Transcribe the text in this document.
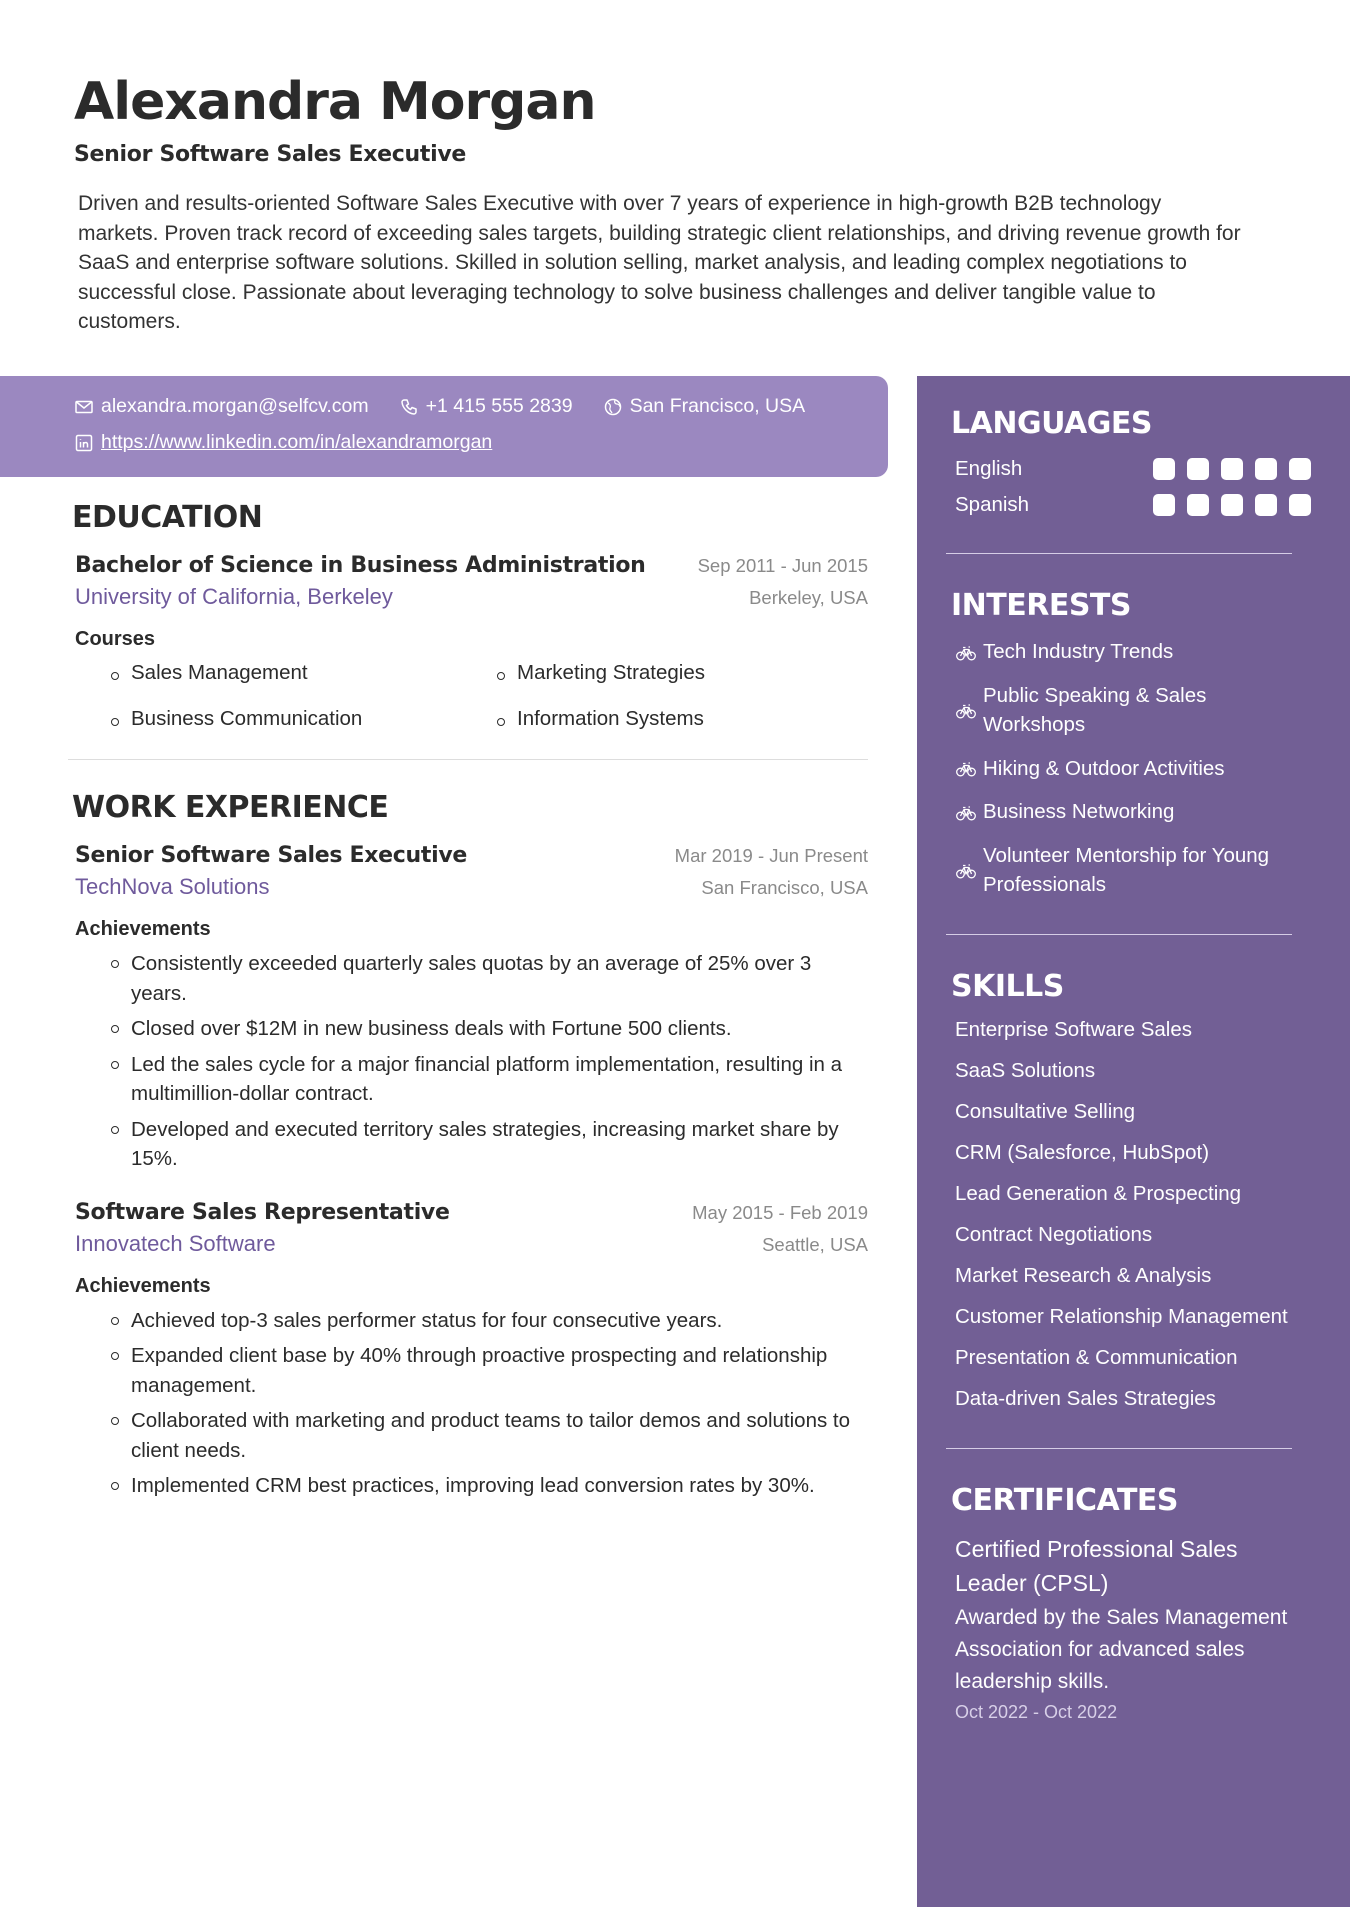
Alexandra Morgan
Senior Software Sales Executive
Driven and results-oriented Software Sales Executive with over 7 years of experience in high-growth B2B technology markets. Proven track record of exceeding sales targets, building strategic client relationships, and driving revenue growth for SaaS and enterprise software solutions. Skilled in solution selling, market analysis, and leading complex negotiations to successful close. Passionate about leveraging technology to solve business challenges and deliver tangible value to customers.
alexandra.morgan@selfcv.com	+1 415 555 2839	San Francisco, USA
https://www.linkedin.com/in/alexandramorgan
EDUCATION
Bachelor of Science in Business Administration	Sep 2011 - Jun 2015
University of California, Berkeley	Berkeley, USA
Courses
Sales Management	Marketing Strategies
Business Communication	Information Systems
WORK EXPERIENCE
Senior Software Sales Executive	Mar 2019 - Jun Present
TechNova Solutions	San Francisco, USA
Achievements
Consistently exceeded quarterly sales quotas by an average of 25% over 3 years.
Closed over $12M in new business deals with Fortune 500 clients.
Led the sales cycle for a major financial platform implementation, resulting in a multimillion-dollar contract.
Developed and executed territory sales strategies, increasing market share by 15%.
Software Sales Representative	May 2015 - Feb 2019
Innovatech Software	Seattle, USA
Achievements
Achieved top-3 sales performer status for four consecutive years.
Expanded client base by 40% through proactive prospecting and relationship management.
Collaborated with marketing and product teams to tailor demos and solutions to client needs.
Implemented CRM best practices, improving lead conversion rates by 30%.
LANGUAGES
English
Spanish
INTERESTS
Tech Industry Trends
Public Speaking & Sales Workshops
Hiking & Outdoor Activities
Business Networking
Volunteer Mentorship for Young Professionals
SKILLS
Enterprise Software Sales
SaaS Solutions
Consultative Selling
CRM (Salesforce, HubSpot)
Lead Generation & Prospecting
Contract Negotiations
Market Research & Analysis
Customer Relationship Management
Presentation & Communication
Data-driven Sales Strategies
CERTIFICATES
Certified Professional Sales Leader (CPSL)
Awarded by the Sales Management Association for advanced sales leadership skills.
Oct 2022 - Oct 2022
